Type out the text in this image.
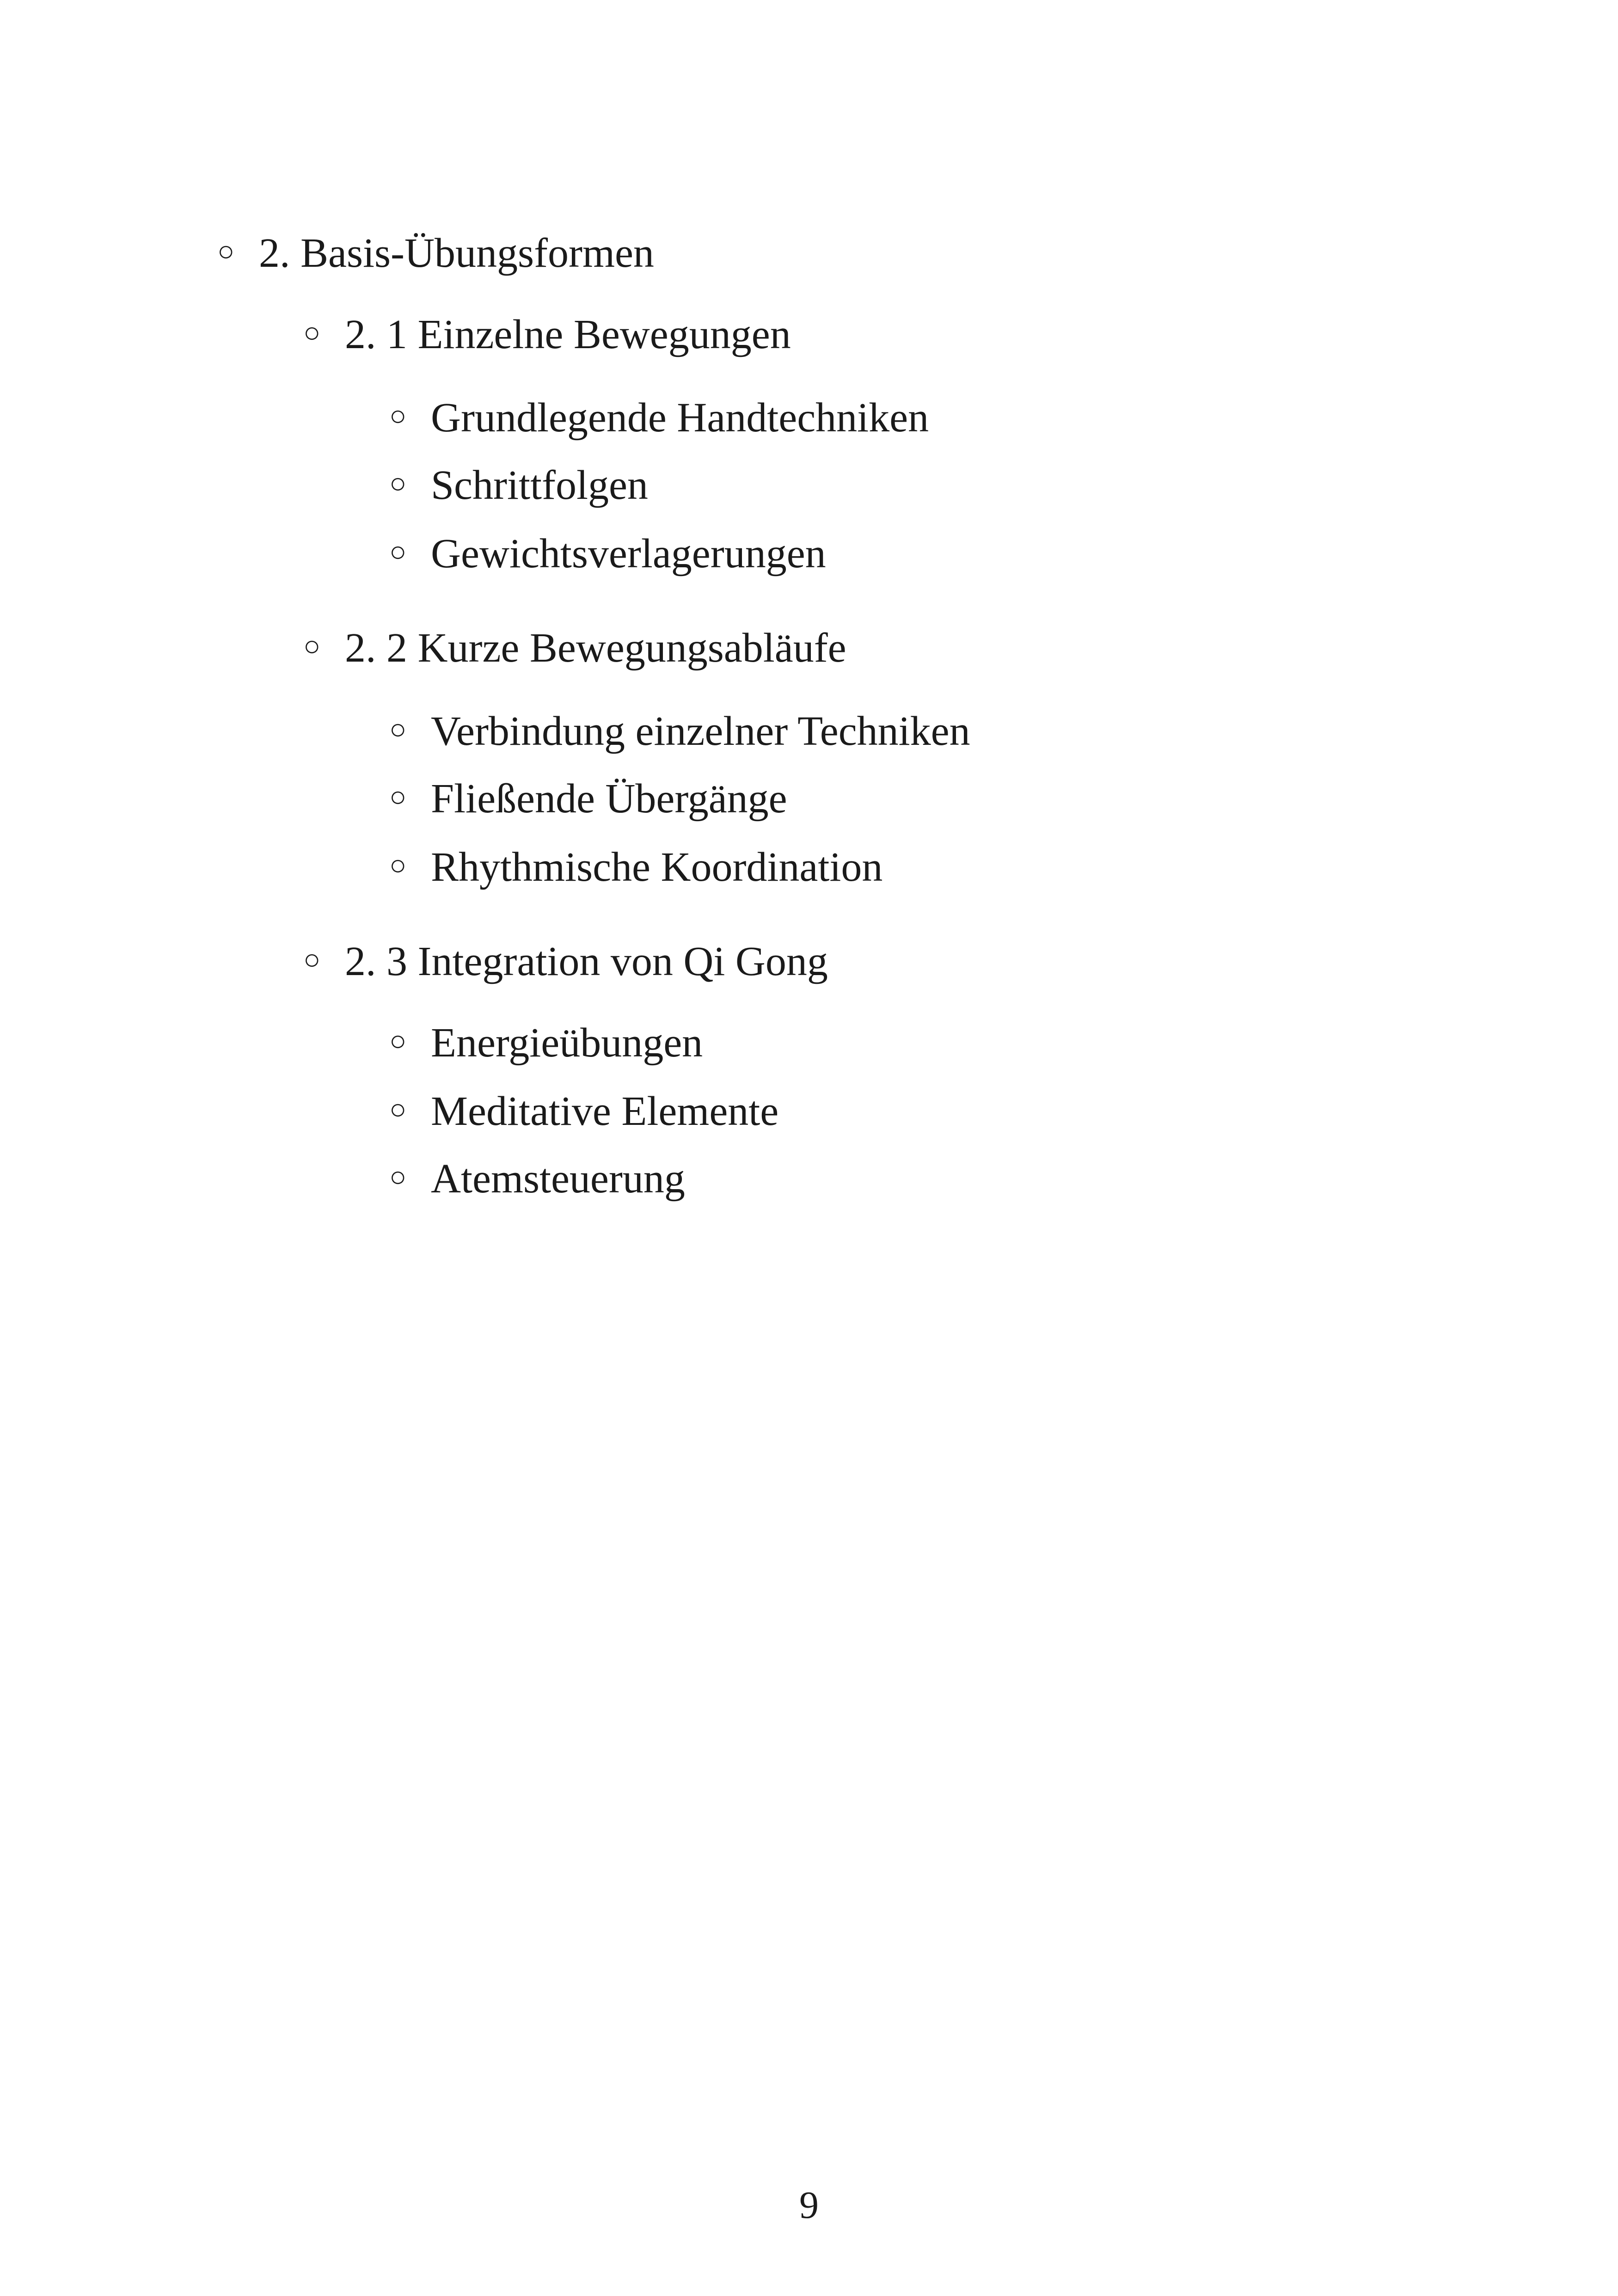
○ 2. Basis-Übungsformen
○ 2. 1 Einzelne Bewegungen
○ Grundlegende Handtechniken
○ Schrittfolgen
○ Gewichtsverlagerungen
○ 2. 2 Kurze Bewegungsabläufe
○ Verbindung einzelner Techniken
○ Fließende Übergänge
○ Rhythmische Koordination
○ 2. 3 Integration von Qi Gong
○ Energieübungen
○ Meditative Elemente
○ Atemsteuerung
9
